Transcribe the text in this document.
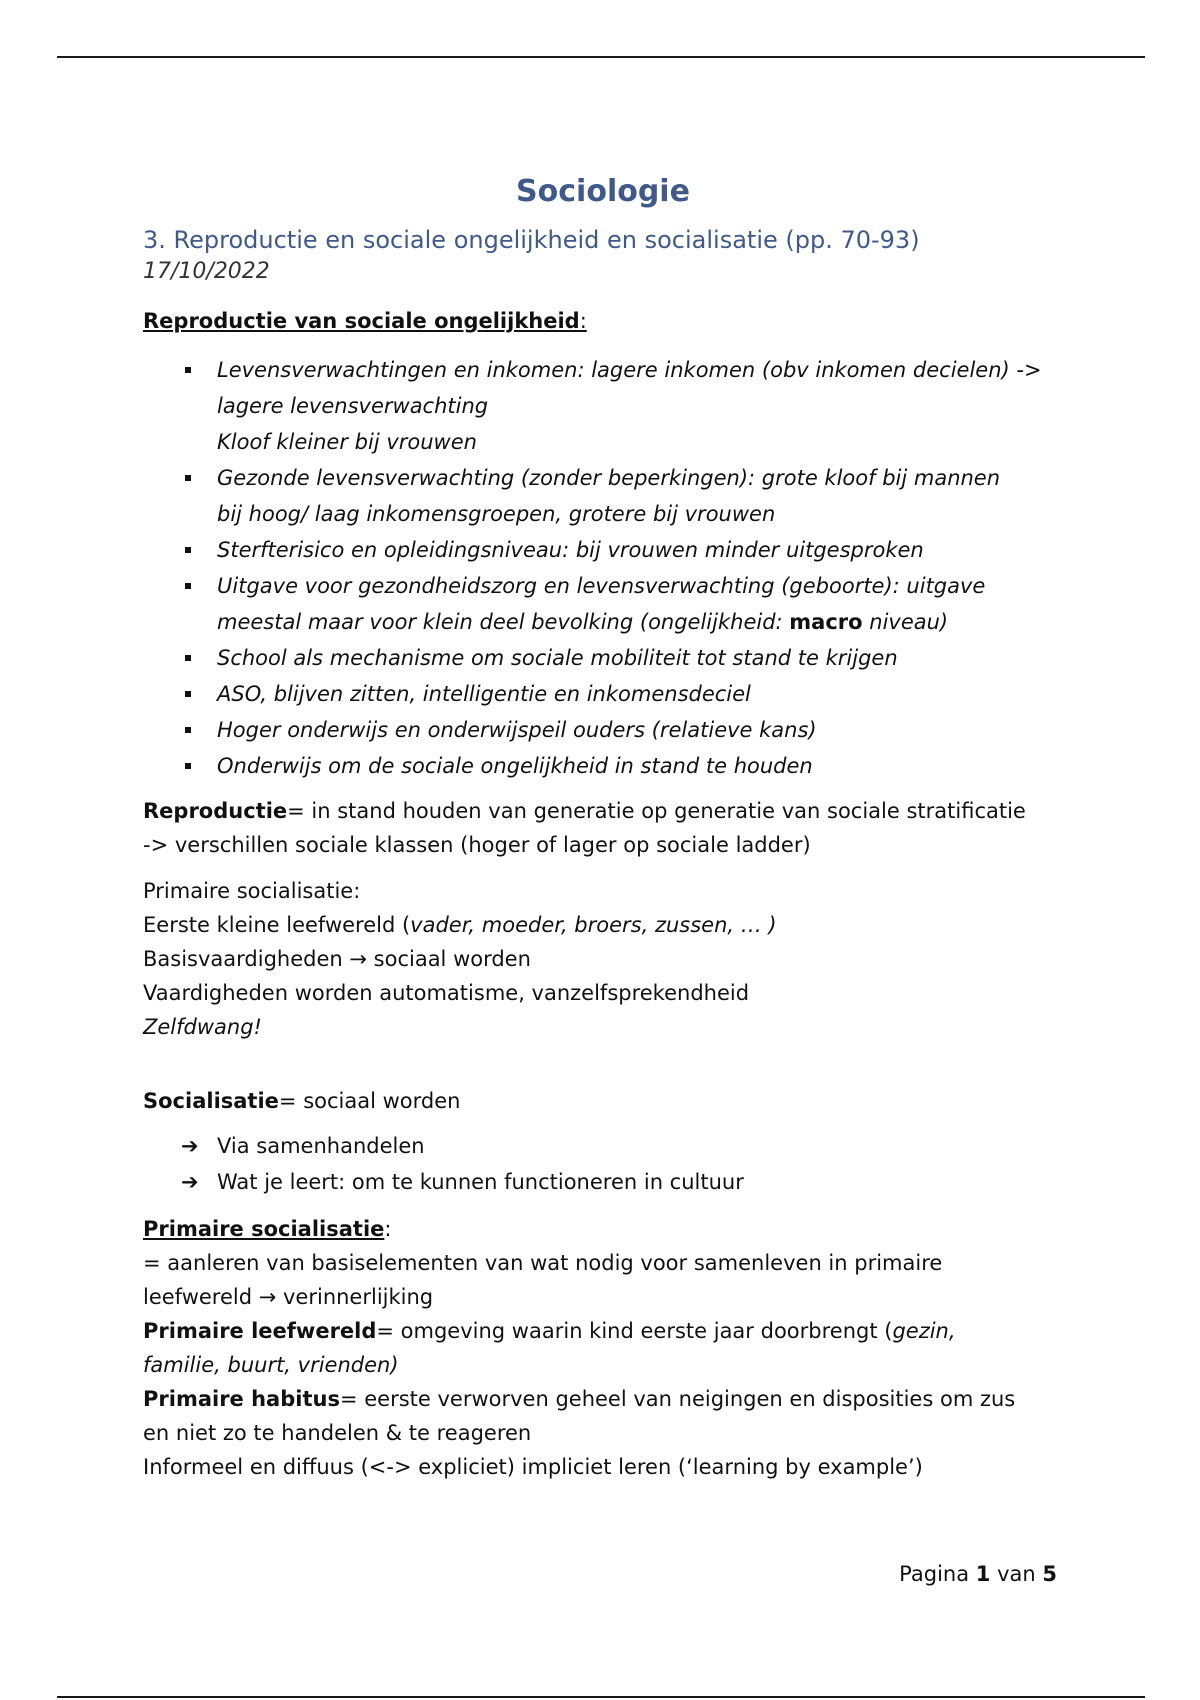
Sociologie

3. Reproductie en sociale ongelijkheid en socialisatie (pp. 70-93)

17/10/2022

Reproductie van sociale ongelijkheid:

Levensverwachtingen en inkomen: lagere inkomen (obv inkomen decielen) ->
lagere levensverwachting
Kloof kleiner bij vrouwen
Gezonde levensverwachting (zonder beperkingen): grote kloof bij mannen
bij hoog/ laag inkomensgroepen, grotere bij vrouwen
Sterfterisico en opleidingsniveau: bij vrouwen minder uitgesproken
Uitgave voor gezondheidszorg en levensverwachting (geboorte): uitgave
meestal maar voor klein deel bevolking (ongelijkheid: macro niveau)
School als mechanisme om sociale mobiliteit tot stand te krijgen
ASO, blijven zitten, intelligentie en inkomensdeciel
Hoger onderwijs en onderwijspeil ouders (relatieve kans)
Onderwijs om de sociale ongelijkheid in stand te houden

Reproductie= in stand houden van generatie op generatie van sociale stratificatie

-> verschillen sociale klassen (hoger of lager op sociale ladder)

Primaire socialisatie:

Eerste kleine leefwereld (vader, moeder, broers, zussen, … )

Basisvaardigheden → sociaal worden

Vaardigheden worden automatisme, vanzelfsprekendheid

Zelfdwang!

Socialisatie= sociaal worden

➔ Via samenhandelen
➔ Wat je leert: om te kunnen functioneren in cultuur

Primaire socialisatie:

= aanleren van basiselementen van wat nodig voor samenleven in primaire

leefwereld → verinnerlijking

Primaire leefwereld= omgeving waarin kind eerste jaar doorbrengt (gezin,

familie, buurt, vrienden)

Primaire habitus= eerste verworven geheel van neigingen en disposities om zus

en niet zo te handelen & te reageren

Informeel en diffuus (<-> expliciet) impliciet leren (‘learning by example’)

Pagina 1 van 5
